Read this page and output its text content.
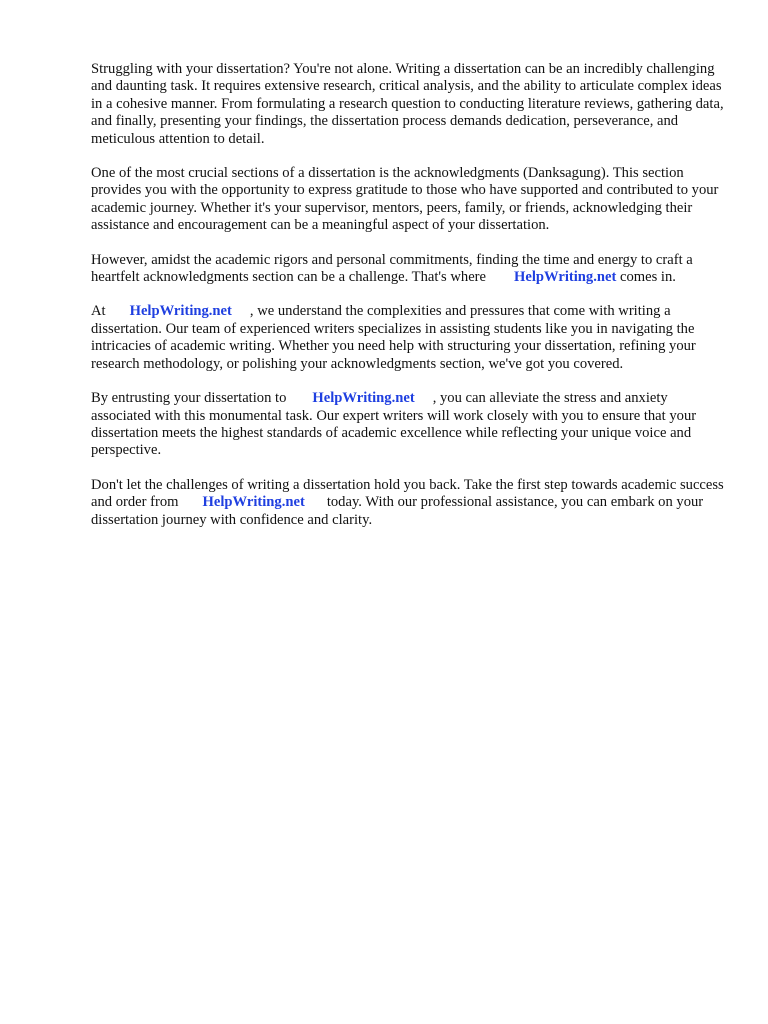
Struggling with your dissertation? You're not alone. Writing a dissertation can be an incredibly challenging and daunting task. It requires extensive research, critical analysis, and the ability to articulate complex ideas in a cohesive manner. From formulating a research question to conducting literature reviews, gathering data, and finally, presenting your findings, the dissertation process demands dedication, perseverance, and meticulous attention to detail.

One of the most crucial sections of a dissertation is the acknowledgments (Danksagung). This section provides you with the opportunity to express gratitude to those who have supported and contributed to your academic journey. Whether it's your supervisor, mentors, peers, family, or friends, acknowledging their assistance and encouragement can be a meaningful aspect of your dissertation.

However, amidst the academic rigors and personal commitments, finding the time and energy to craft a heartfelt acknowledgments section can be a challenge. That's where HelpWriting.net comes in.

At HelpWriting.net , we understand the complexities and pressures that come with writing a dissertation. Our team of experienced writers specializes in assisting students like you in navigating the intricacies of academic writing. Whether you need help with structuring your dissertation, refining your research methodology, or polishing your acknowledgments section, we've got you covered.

By entrusting your dissertation to HelpWriting.net , you can alleviate the stress and anxiety associated with this monumental task. Our expert writers will work closely with you to ensure that your dissertation meets the highest standards of academic excellence while reflecting your unique voice and perspective.

Don't let the challenges of writing a dissertation hold you back. Take the first step towards academic success and order from HelpWriting.net today. With our professional assistance, you can embark on your dissertation journey with confidence and clarity.
